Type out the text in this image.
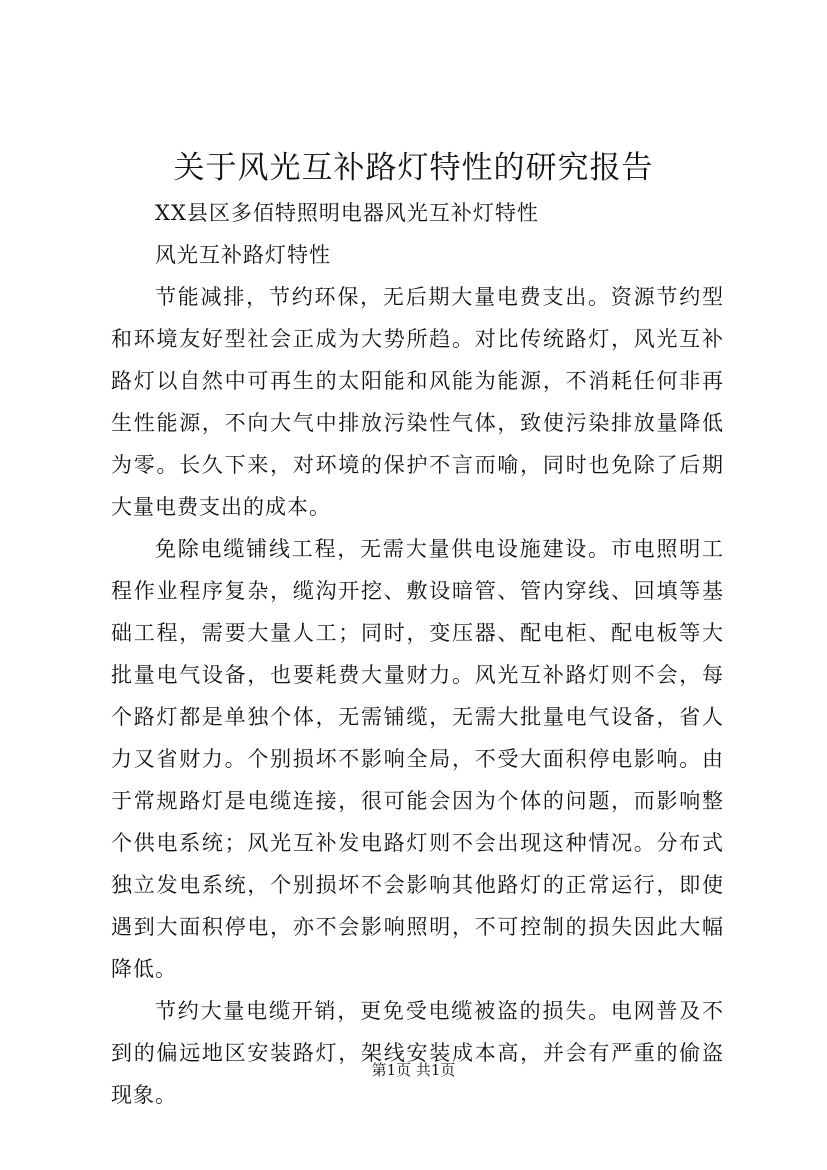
关于风光互补路灯特性的研究报告

XX县区多佰特照明电器风光互补灯特性

风光互补路灯特性

节能减排，节约环保，无后期大量电费支出。资源节约型和环境友好型社会正成为大势所趋。对比传统路灯，风光互补路灯以自然中可再生的太阳能和风能为能源，不消耗任何非再生性能源，不向大气中排放污染性气体，致使污染排放量降低为零。长久下来，对环境的保护不言而喻，同时也免除了后期大量电费支出的成本。

免除电缆铺线工程，无需大量供电设施建设。市电照明工程作业程序复杂，缆沟开挖、敷设暗管、管内穿线、回填等基础工程，需要大量人工；同时，变压器、配电柜、配电板等大批量电气设备，也要耗费大量财力。风光互补路灯则不会，每个路灯都是单独个体，无需铺缆，无需大批量电气设备，省人力又省财力。个别损坏不影响全局，不受大面积停电影响。由于常规路灯是电缆连接，很可能会因为个体的问题，而影响整个供电系统；风光互补发电路灯则不会出现这种情况。分布式独立发电系统，个别损坏不会影响其他路灯的正常运行，即使遇到大面积停电，亦不会影响照明，不可控制的损失因此大幅降低。

节约大量电缆开销，更免受电缆被盗的损失。电网普及不到的偏远地区安装路灯，架线安装成本高，并会有严重的偷盗现象。

第1页 共1页
